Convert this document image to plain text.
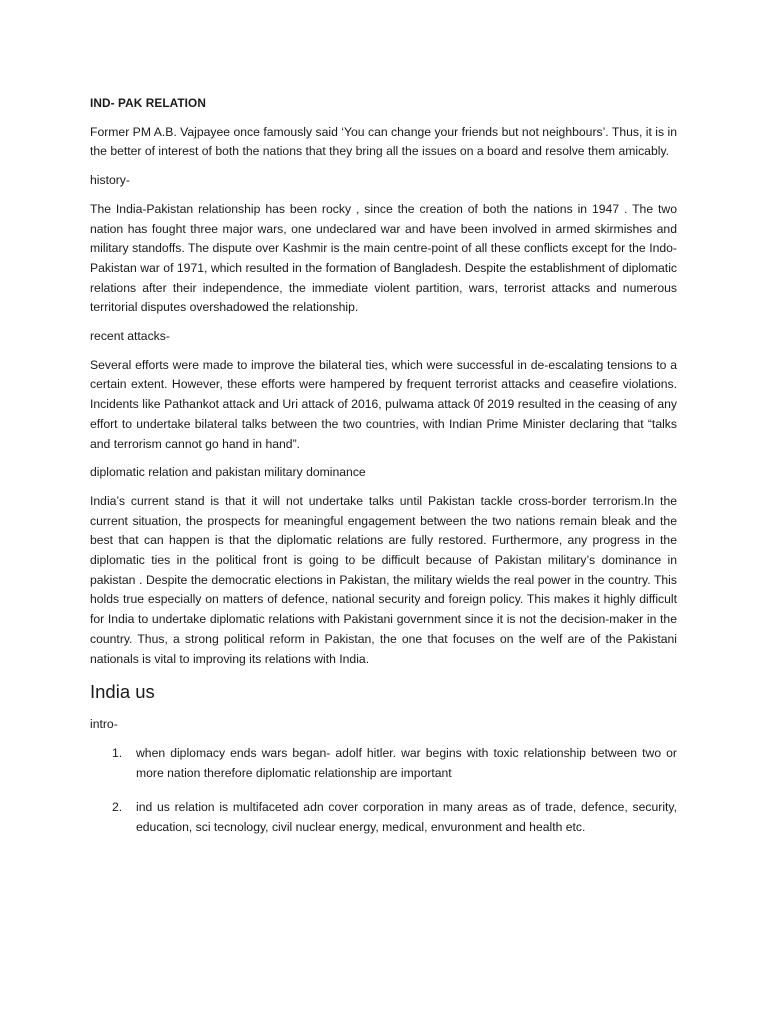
IND- PAK RELATION

Former PM A.B. Vajpayee once famously said ‘You can change your friends but not neighbours’. Thus, it is in the better of interest of both the nations that they bring all the issues on a board and resolve them amicably.

history-

The India-Pakistan relationship has been rocky , since the creation of both the nations in 1947 . The two nation has fought three major wars, one undeclared war and have been involved in armed skirmishes and military standoffs. The dispute over Kashmir is the main centre-point of all these conflicts except for the Indo-Pakistan war of 1971, which resulted in the formation of Bangladesh. Despite the establishment of diplomatic relations after their independence, the immediate violent partition, wars, terrorist attacks and numerous territorial disputes overshadowed the relationship.

recent attacks-

Several efforts were made to improve the bilateral ties, which were successful in de-escalating tensions to a certain extent. However, these efforts were hampered by frequent terrorist attacks and ceasefire violations. Incidents like Pathankot attack and Uri attack of 2016, pulwama attack 0f 2019 resulted in the ceasing of any effort to undertake bilateral talks between the two countries, with Indian Prime Minister declaring that “talks and terrorism cannot go hand in hand”.

diplomatic relation and pakistan military dominance

India’s current stand is that it will not undertake talks until Pakistan tackle cross-border terrorism.In the current situation, the prospects for meaningful engagement between the two nations remain bleak and the best that can happen is that the diplomatic relations are fully restored. Furthermore, any progress in the diplomatic ties in the political front is going to be difficult because of Pakistan military’s dominance in pakistan . Despite the democratic elections in Pakistan, the military wields the real power in the country. This holds true especially on matters of defence, national security and foreign policy. This makes it highly difficult for India to undertake diplomatic relations with Pakistani government since it is not the decision-maker in the country. Thus, a strong political reform in Pakistan, the one that focuses on the welf are of the Pakistani nationals is vital to improving its relations with India.

India us

intro-

1. when diplomacy ends wars began- adolf hitler. war begins with toxic relationship between two or more nation therefore diplomatic relationship are important
2. ind us relation is multifaceted adn cover corporation in many areas as of trade, defence, security, education, sci tecnology, civil nuclear energy, medical, envuronment and health etc.
